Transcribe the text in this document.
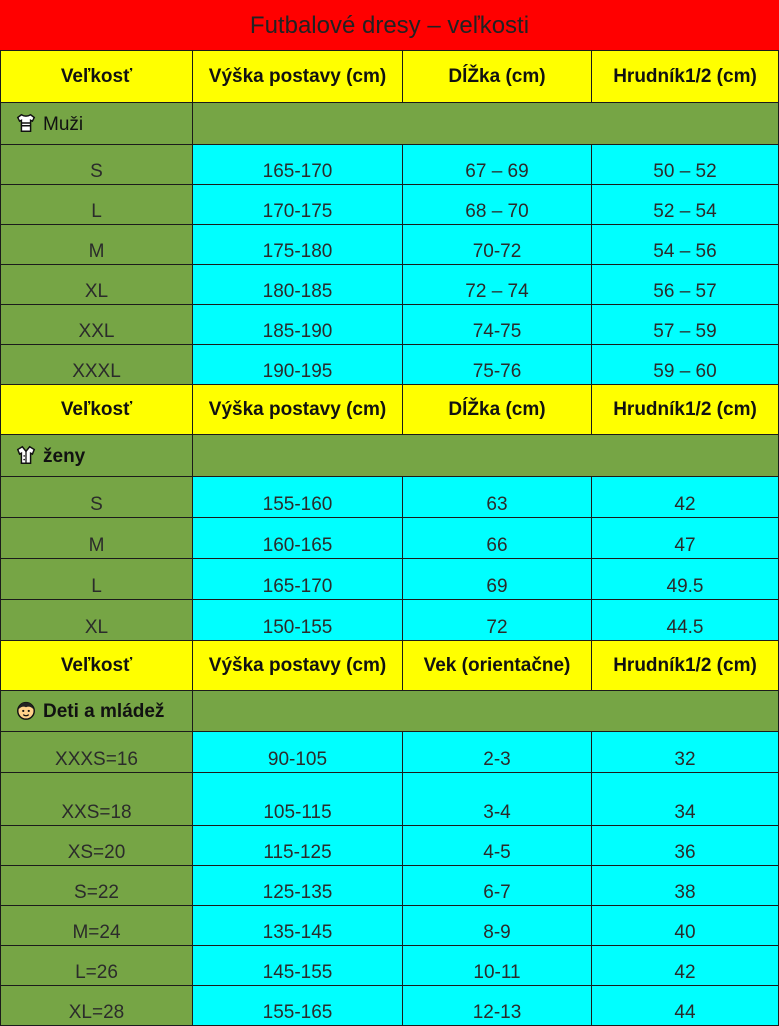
Futbalové dresy – veľkosti
Veľkosť	Výška postavy (cm)	DĺŽka (cm)	Hrudník1/2 (cm)
Muži			
S	165-170	67 – 69	50 – 52
L	170-175	68 – 70	52 – 54
M	175-180	70-72	54 – 56
XL	180-185	72 – 74	56 – 57
XXL	185-190	74-75	57 – 59
XXXL	190-195	75-76	59 – 60
Veľkosť	Výška postavy (cm)	DĺŽka (cm)	Hrudník1/2 (cm)
ženy			
S	155-160	63	42
M	160-165	66	47
L	165-170	69	49.5
XL	150-155	72	44.5
Veľkosť	Výška postavy (cm)	Vek (orientačne)	Hrudník1/2 (cm)
Deti a mládež			
XXXS=16	90-105	2-3	32
XXS=18	105-115	3-4	34
XS=20	115-125	4-5	36
S=22	125-135	6-7	38
M=24	135-145	8-9	40
L=26	145-155	10-11	42
XL=28	155-165	12-13	44
